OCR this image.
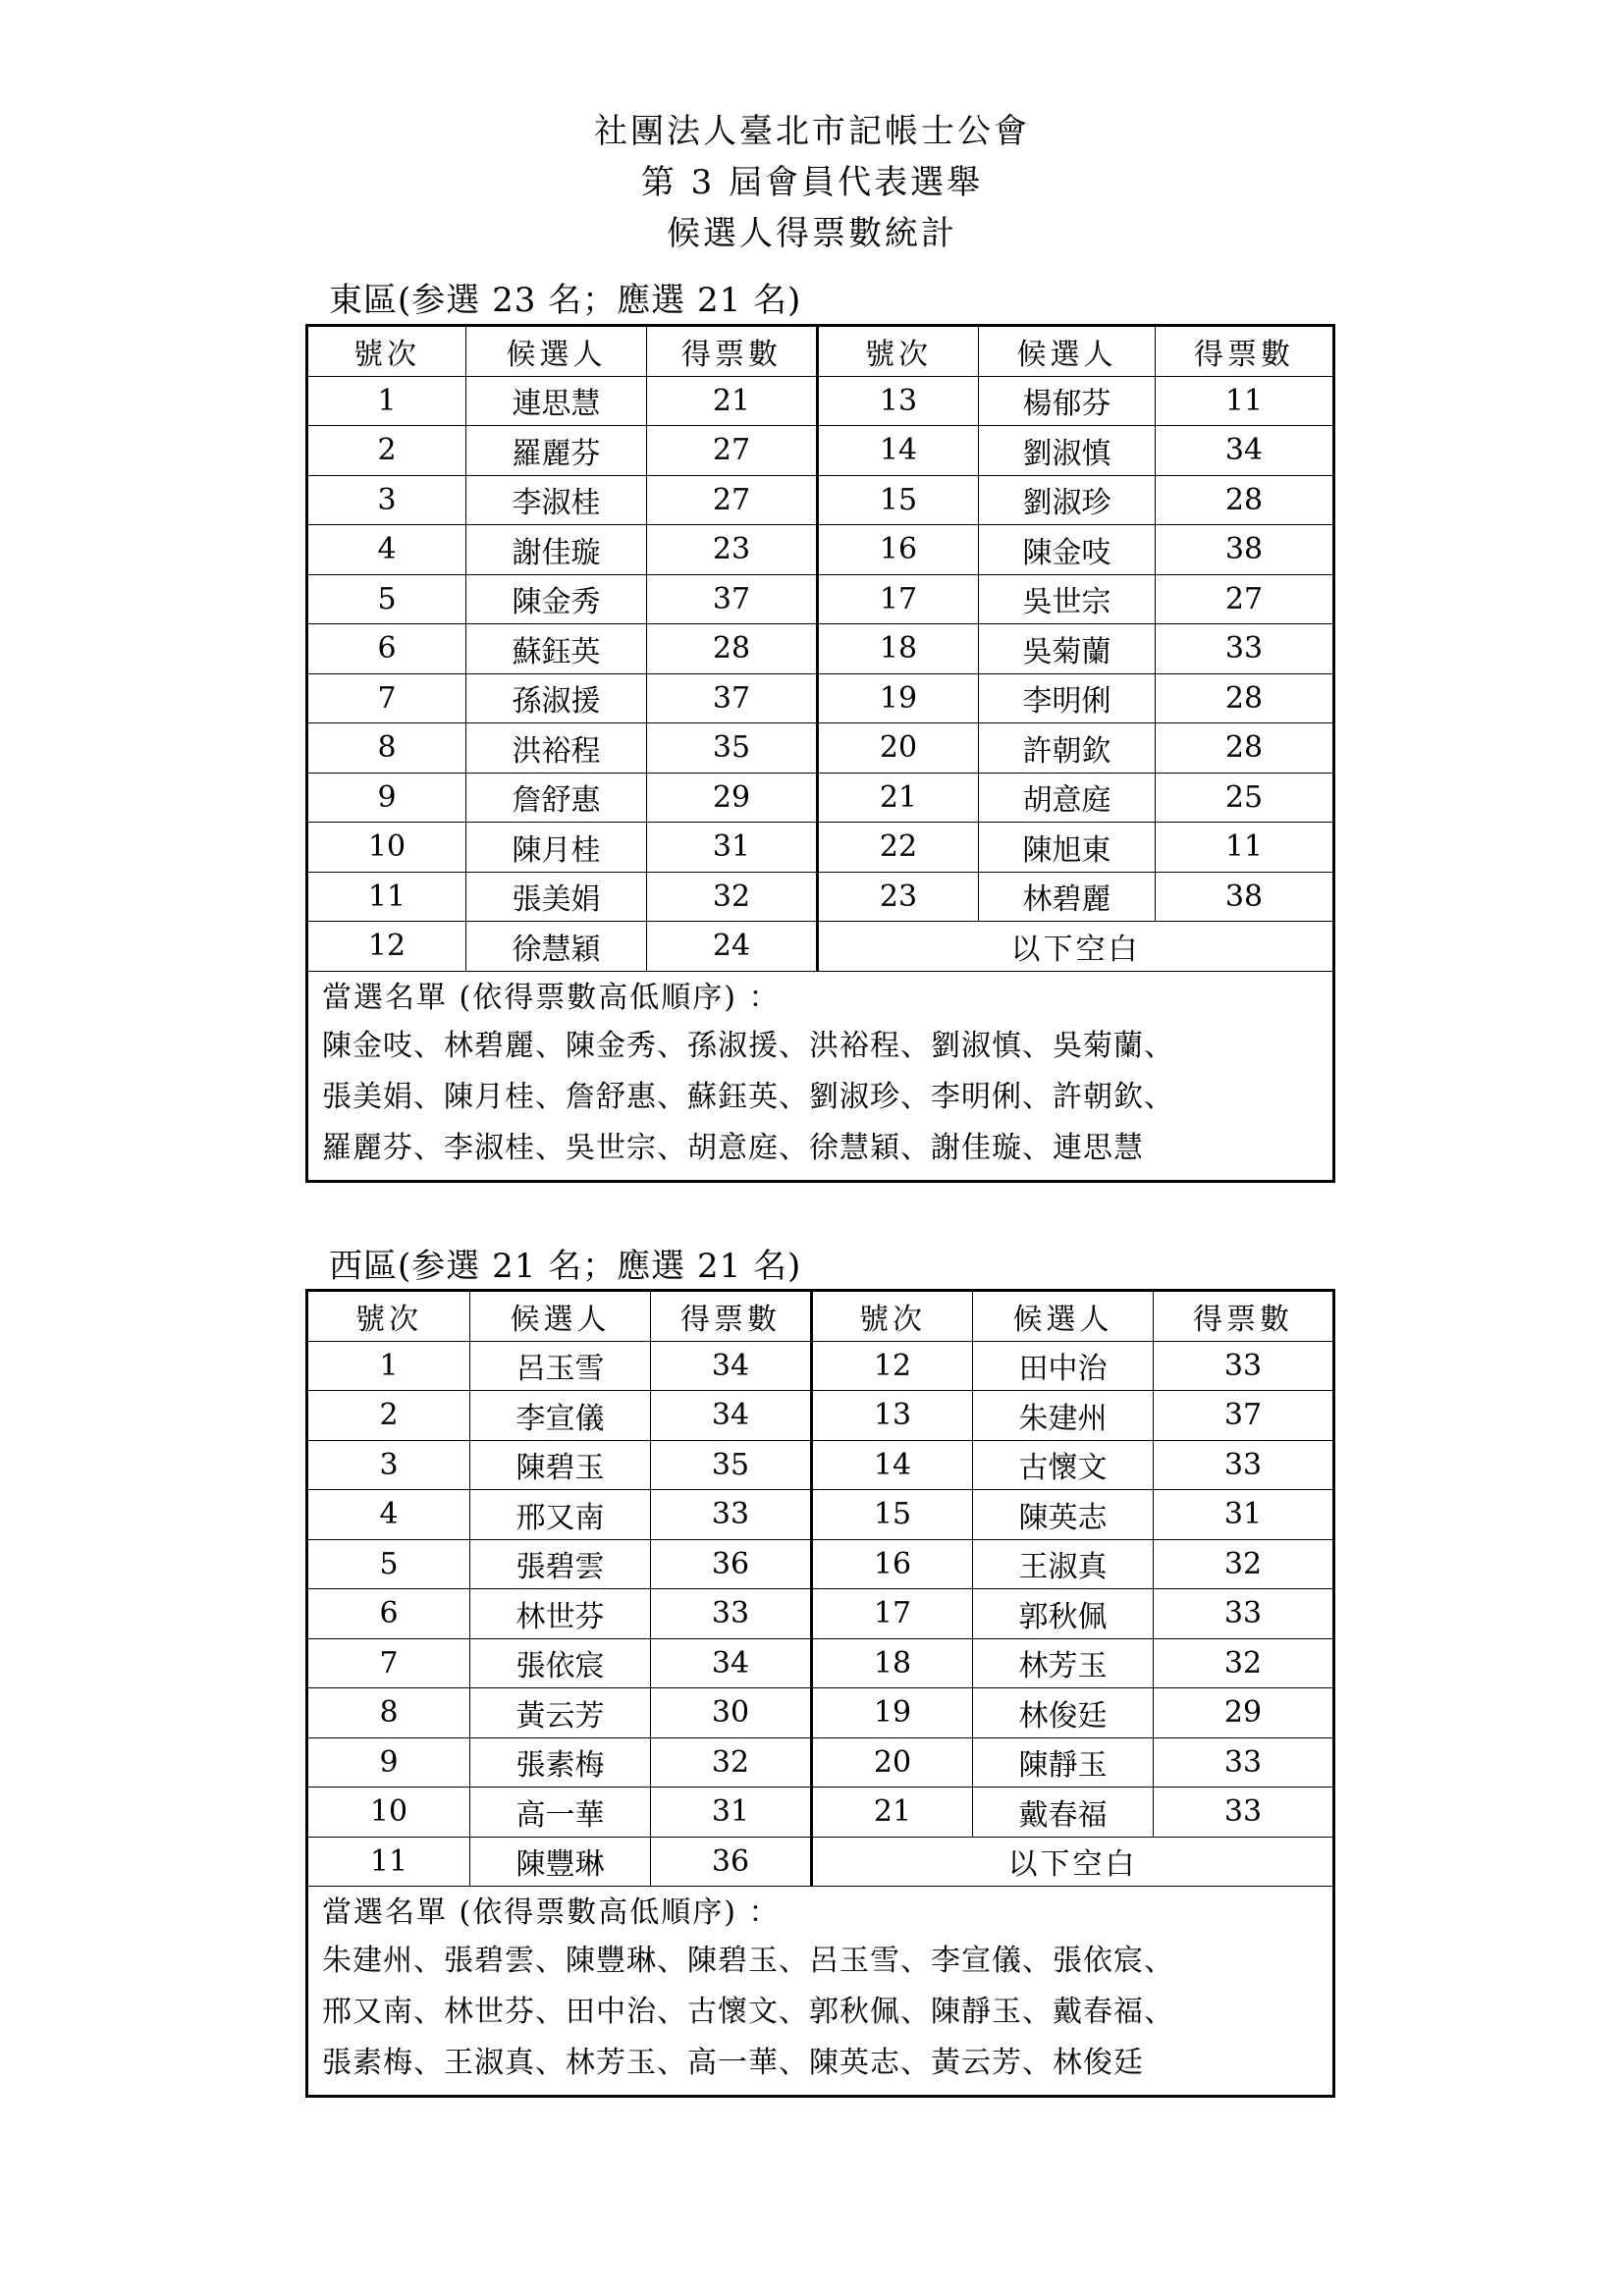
社團法人臺北市記帳士公會
第 3 屆會員代表選舉
候選人得票數統計
東區(参選 23 名；應選 21 名)
號次	候選人	得票數	號次	候選人	得票數
1	連思慧	21	13	楊郁芬	11
2	羅麗芬	27	14	劉淑慎	34
3	李淑桂	27	15	劉淑珍	28
4	謝佳璇	23	16	陳金吱	38
5	陳金秀	37	17	吳世宗	27
6	蘇鈺英	28	18	吳菊蘭	33
7	孫淑援	37	19	李明俐	28
8	洪裕程	35	20	許朝欽	28
9	詹舒惠	29	21	胡意庭	25
10	陳月桂	31	22	陳旭東	11
11	張美娟	32	23	林碧麗	38
12	徐慧穎	24	以下空白		

當選名單 (依得票數高低順序) ：
陳金吱、林碧麗、陳金秀、孫淑援、洪裕程、劉淑慎、吳菊蘭、
張美娟、陳月桂、詹舒惠、蘇鈺英、劉淑珍、李明俐、許朝欽、
羅麗芬、李淑桂、吳世宗、胡意庭、徐慧穎、謝佳璇、連思慧					
西區(参選 21 名；應選 21 名)
號次	候選人	得票數	號次	候選人	得票數
1	呂玉雪	34	12	田中治	33
2	李宣儀	34	13	朱建州	37
3	陳碧玉	35	14	古懷文	33
4	邢又南	33	15	陳英志	31
5	張碧雲	36	16	王淑真	32
6	林世芬	33	17	郭秋佩	33
7	張依宸	34	18	林芳玉	32
8	黃云芳	30	19	林俊廷	29
9	張素梅	32	20	陳靜玉	33
10	高一華	31	21	戴春福	33
11	陳豐琳	36	以下空白		

當選名單 (依得票數高低順序) ：
朱建州、張碧雲、陳豐琳、陳碧玉、呂玉雪、李宣儀、張依宸、
邢又南、林世芬、田中治、古懷文、郭秋佩、陳靜玉、戴春福、
張素梅、王淑真、林芳玉、高一華、陳英志、黃云芳、林俊廷					
